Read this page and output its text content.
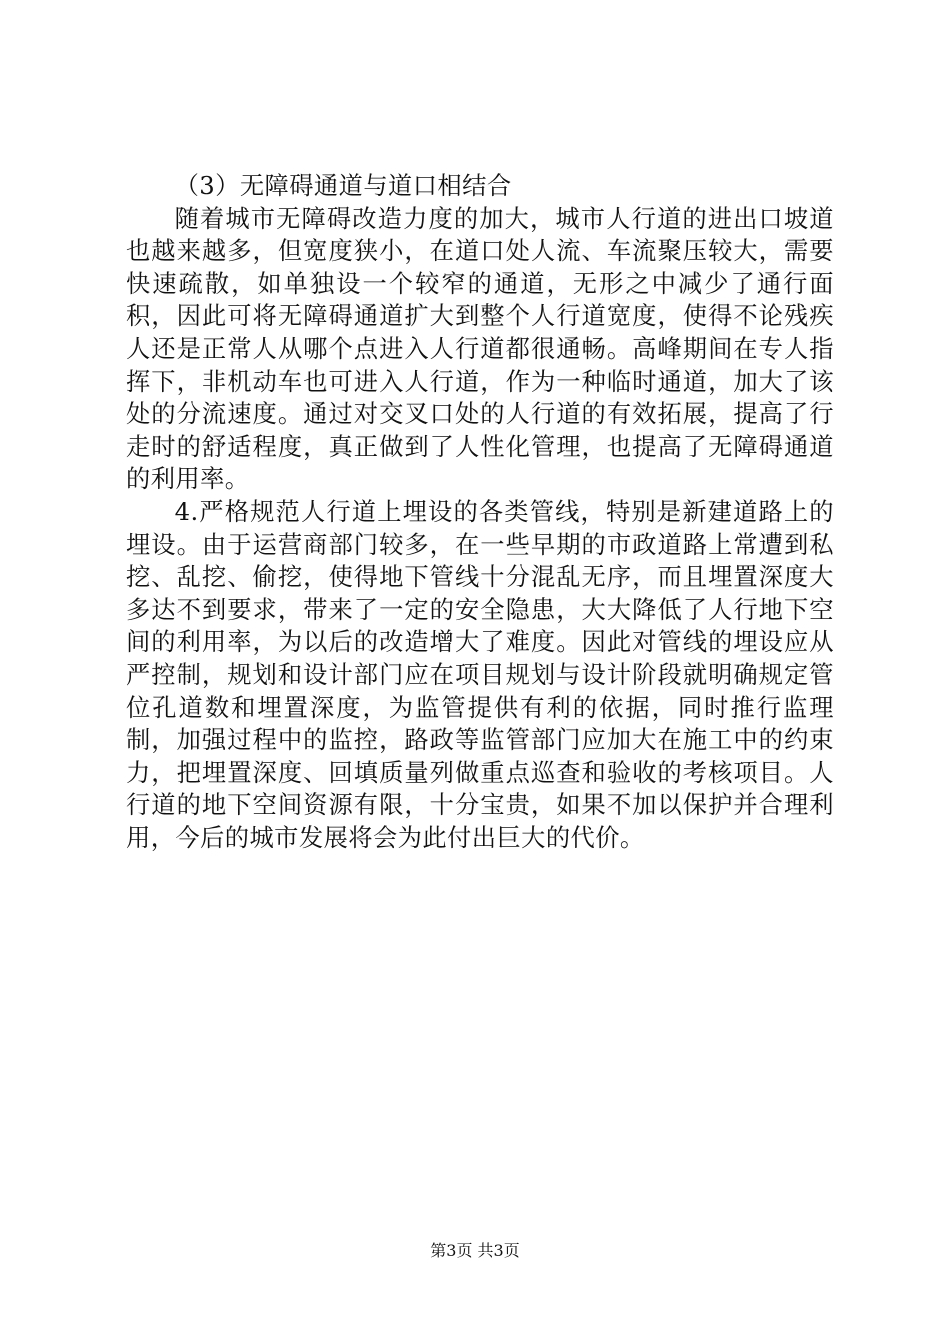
（3）无障碍通道与道口相结合

随着城市无障碍改造力度的加大，城市人行道的进出口坡道也越来越多，但宽度狭小，在道口处人流、车流聚压较大，需要快速疏散，如单独设一个较窄的通道，无形之中减少了通行面积，因此可将无障碍通道扩大到整个人行道宽度，使得不论残疾人还是正常人从哪个点进入人行道都很通畅。高峰期间在专人指挥下，非机动车也可进入人行道，作为一种临时通道，加大了该处的分流速度。通过对交叉口处的人行道的有效拓展，提高了行走时的舒适程度，真正做到了人性化管理，也提高了无障碍通道的利用率。

4.严格规范人行道上埋设的各类管线，特别是新建道路上的埋设。由于运营商部门较多，在一些早期的市政道路上常遭到私挖、乱挖、偷挖，使得地下管线十分混乱无序，而且埋置深度大多达不到要求，带来了一定的安全隐患，大大降低了人行地下空间的利用率，为以后的改造增大了难度。因此对管线的埋设应从严控制，规划和设计部门应在项目规划与设计阶段就明确规定管位孔道数和埋置深度，为监管提供有利的依据，同时推行监理制，加强过程中的监控，路政等监管部门应加大在施工中的约束力，把埋置深度、回填质量列做重点巡查和验收的考核项目。人行道的地下空间资源有限，十分宝贵，如果不加以保护并合理利用，今后的城市发展将会为此付出巨大的代价。

第3页 共3页
